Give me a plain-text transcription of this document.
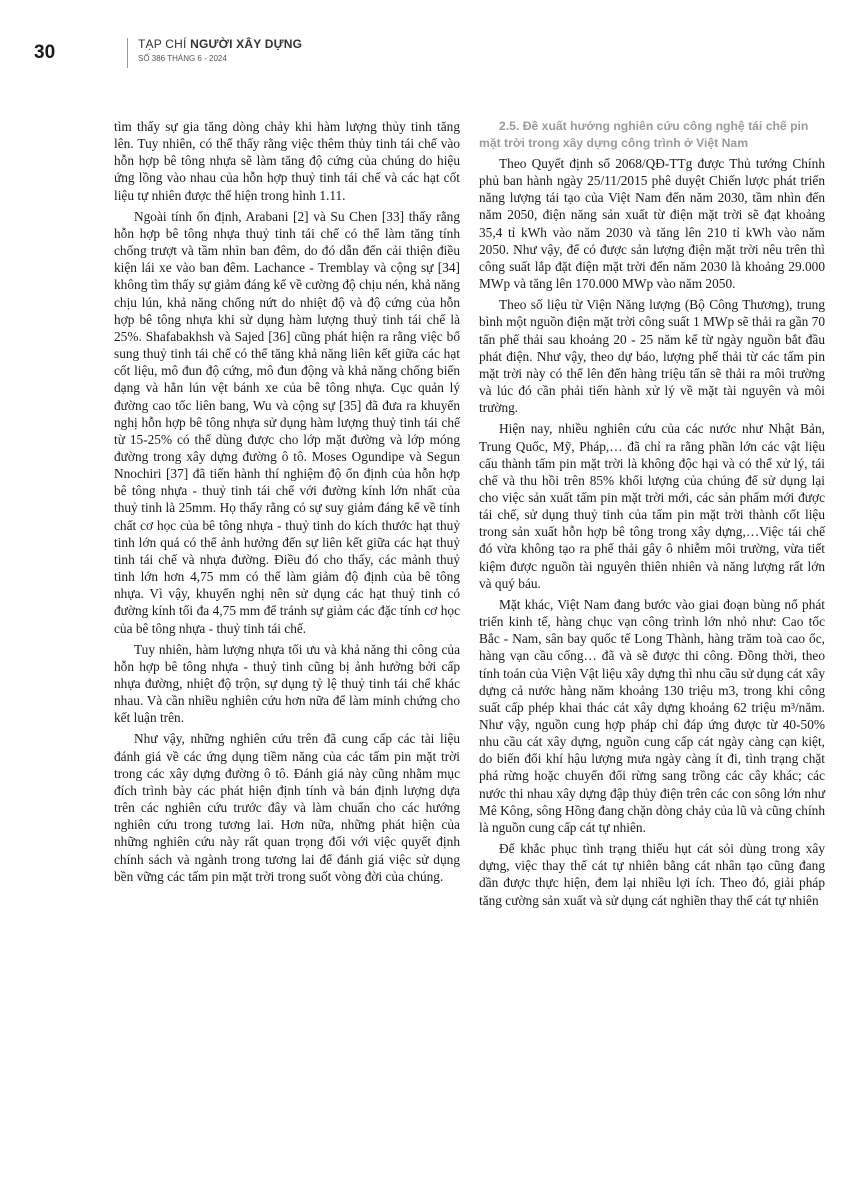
30	TẠP CHÍ NGƯỜI XÂY DỰNG
SỐ 386 THÁNG 6 - 2024

tìm thấy sự gia tăng dòng chảy khi hàm lượng thủy tinh tăng lên. Tuy nhiên, có thể thấy rằng việc thêm thủy tinh tái chế vào hỗn hợp bê tông nhựa sẽ làm tăng độ cứng của chúng do hiệu ứng lồng vào nhau của hỗn hợp thuỷ tinh tái chế và các hạt cốt liệu tự nhiên được thể hiện trong hình 1.11.

Ngoài tính ổn định, Arabani [2] và Su Chen [33] thấy rằng hỗn hợp bê tông nhựa thuỷ tinh tái chế có thể làm tăng tính chống trượt và tầm nhìn ban đêm, do đó dẫn đến cải thiện điều kiện lái xe vào ban đêm. Lachance - Tremblay và cộng sự [34] không tìm thấy sự giảm đáng kể về cường độ chịu nén, khả năng chịu lún, khả năng chống nứt do nhiệt độ và độ cứng của hỗn hợp bê tông nhựa khi sử dụng hàm lượng thuỷ tinh tái chế là 25%. Shafabakhsh và Sajed [36] cũng phát hiện ra rằng việc bổ sung thuỷ tinh tái chế có thể tăng khả năng liên kết giữa các hạt cốt liệu, mô đun độ cứng, mô đun động và khả năng chống biến dạng và hằn lún vệt bánh xe của bê tông nhựa. Cục quản lý đường cao tốc liên bang, Wu và cộng sự [35] đã đưa ra khuyến nghị hỗn hợp bê tông nhựa sử dụng hàm lượng thuỷ tinh tái chế từ 15-25% có thể dùng được cho lớp mặt đường và lớp móng đường trong xây dựng đường ô tô. Moses Ogundipe và Segun Nnochiri [37] đã tiến hành thí nghiệm độ ổn định của hỗn hợp bê tông nhựa - thuỷ tinh tái chế với đường kính lớn nhất của thuỷ tinh là 25mm. Họ thấy rằng có sự suy giảm đáng kể về tính chất cơ học của bê tông nhựa - thuỷ tinh do kích thước hạt thuỷ tinh lớn quá có thể ảnh hưởng đến sự liên kết giữa các hạt thuỷ tinh tái chế và nhựa đường. Điều đó cho thấy, các mảnh thuỷ tinh lớn hơn 4,75 mm có thể làm giảm độ định của bê tông nhựa. Vì vậy, khuyến nghị nên sử dụng các hạt thuỷ tinh có đường kính tối đa 4,75 mm để tránh sự giảm các đặc tính cơ học của bê tông nhựa - thuỷ tinh tái chế.

Tuy nhiên, hàm lượng nhựa tối ưu và khả năng thi công của hỗn hợp bê tông nhựa - thuỷ tinh cũng bị ảnh hưởng bởi cấp nhựa đường, nhiệt độ trộn, sự dụng tỷ lệ thuỷ tinh tái chế khác nhau. Và cần nhiều nghiên cứu hơn nữa để làm minh chứng cho kết luận trên.

Như vậy, những nghiên cứu trên đã cung cấp các tài liệu đánh giá về các ứng dụng tiềm năng của các tấm pin mặt trời trong các xây dựng đường ô tô. Đánh giá này cũng nhằm mục đích trình bày các phát hiện định tính và bán định lượng dựa trên các nghiên cứu trước đây và làm chuẩn cho các hướng nghiên cứu trong tương lai. Hơn nữa, những phát hiện của những nghiên cứu này rất quan trọng đối với việc quyết định chính sách và ngành trong tương lai để đánh giá việc sử dụng bền vững các tấm pin mặt trời trong suốt vòng đời của chúng.

2.5. Đề xuất hướng nghiên cứu công nghệ tái chế pin mặt trời trong xây dựng công trình ở Việt Nam

Theo Quyết định số 2068/QĐ-TTg được Thủ tướng Chính phủ ban hành ngày 25/11/2015 phê duyệt Chiến lược phát triển năng lượng tái tạo của Việt Nam đến năm 2030, tầm nhìn đến năm 2050, điện năng sản xuất từ điện mặt trời sẽ đạt khoảng 35,4 tỉ kWh vào năm 2030 và tăng lên 210 tỉ kWh vào năm 2050. Như vậy, để có được sản lượng điện mặt trời nêu trên thì công suất lắp đặt điện mặt trời đến năm 2030 là khoảng 29.000 MWp và tăng lên 170.000 MWp vào năm 2050.

Theo số liệu từ Viện Năng lượng (Bộ Công Thương), trung bình một nguồn điện mặt trời công suất 1 MWp sẽ thải ra gần 70 tấn phế thải sau khoảng 20 - 25 năm kể từ ngày nguồn bắt đầu phát điện. Như vậy, theo dự báo, lượng phế thải từ các tấm pin mặt trời này có thể lên đến hàng triệu tấn sẽ thải ra môi trường và lúc đó cần phải tiến hành xử lý về mặt tài nguyên và môi trường.

Hiện nay, nhiều nghiên cứu của các nước như Nhật Bản, Trung Quốc, Mỹ, Pháp,… đã chỉ ra rằng phần lớn các vật liệu cấu thành tấm pin mặt trời là không độc hại và có thể xử lý, tái chế và thu hồi trên 85% khối lượng của chúng để sử dụng lại cho việc sản xuất tấm pin mặt trời mới, các sản phẩm mới được tái chế, sử dụng thuỷ tinh của tấm pin mặt trời thành cốt liệu trong sản xuất hỗn hợp bê tông trong xây dựng,…Việc tái chế đó vừa không tạo ra phế thải gây ô nhiễm môi trường, vừa tiết kiệm được nguồn tài nguyên thiên nhiên và năng lượng rất lớn và quý báu.

Mặt khác, Việt Nam đang bước vào giai đoạn bùng nổ phát triển kinh tế, hàng chục vạn công trình lớn nhỏ như: Cao tốc Bắc - Nam, sân bay quốc tế Long Thành, hàng trăm toà cao ốc, hàng vạn cầu cống… đã và sẽ được thi công. Đồng thời, theo tính toán của Viện Vật liệu xây dựng thì nhu cầu sử dụng cát xây dựng cả nước hàng năm khoảng 130 triệu m3, trong khi công suất cấp phép khai thác cát xây dựng khoảng 62 triệu m³/năm. Như vậy, nguồn cung hợp pháp chỉ đáp ứng được từ 40-50% nhu cầu cát xây dựng, nguồn cung cấp cát ngày càng cạn kiệt, do biến đổi khí hậu lượng mưa ngày càng ít đi, tình trạng chặt phá rừng hoặc chuyển đổi rừng sang trồng các cây khác; các nước thi nhau xây dựng đập thủy điện trên các con sông lớn như Mê Kông, sông Hồng đang chặn dòng chảy của lũ và cũng chính là nguồn cung cấp cát tự nhiên.

Để khắc phục tình trạng thiếu hụt cát sỏi dùng trong xây dựng, việc thay thế cát tự nhiên bằng cát nhân tạo cũng đang dần được thực hiện, đem lại nhiều lợi ích. Theo đó, giải pháp tăng cường sản xuất và sử dụng cát nghiền thay thế cát tự nhiên
